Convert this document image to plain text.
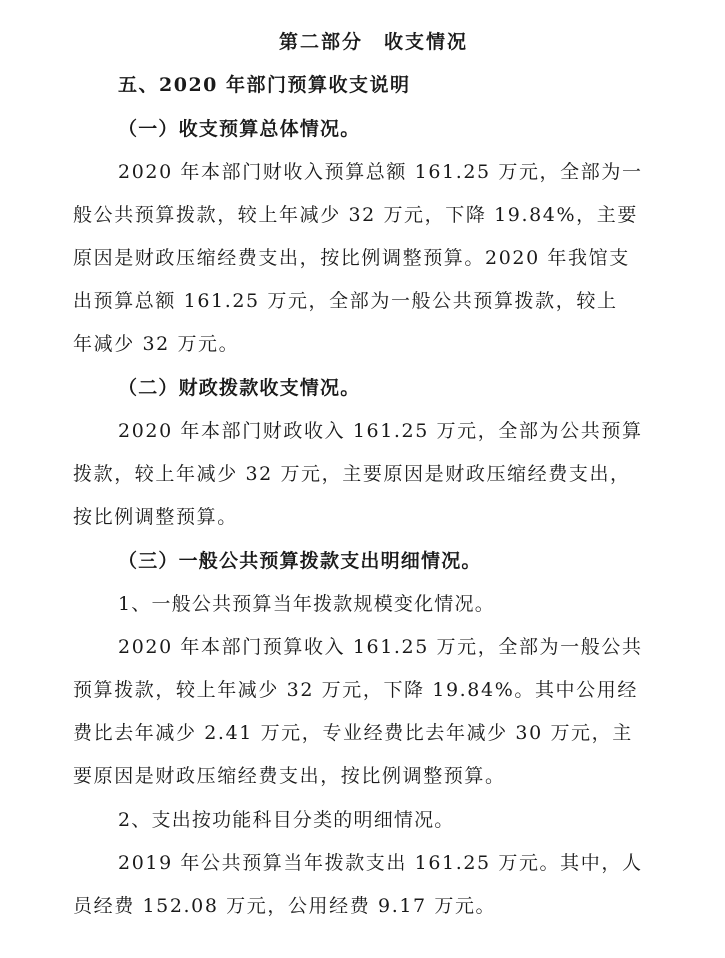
第二部分　收支情况
五、2020 年部门预算收支说明
（一）收支预算总体情况。
2020 年本部门财收入预算总额 161.25 万元，全部为一
般公共预算拨款，较上年减少 32 万元，下降 19.84%，主要
原因是财政压缩经费支出，按比例调整预算。2020 年我馆支
出预算总额 161.25 万元，全部为一般公共预算拨款，较上
年减少 32 万元。
（二）财政拨款收支情况。
2020 年本部门财政收入 161.25 万元，全部为公共预算
拨款，较上年减少 32 万元，主要原因是财政压缩经费支出，
按比例调整预算。
（三）一般公共预算拨款支出明细情况。
1、一般公共预算当年拨款规模变化情况。
2020 年本部门预算收入 161.25 万元，全部为一般公共
预算拨款，较上年减少 32 万元，下降 19.84%。其中公用经
费比去年减少 2.41 万元，专业经费比去年减少 30 万元，主
要原因是财政压缩经费支出，按比例调整预算。
2、支出按功能科目分类的明细情况。
2019 年公共预算当年拨款支出 161.25 万元。其中，人
员经费 152.08 万元，公用经费 9.17 万元。
